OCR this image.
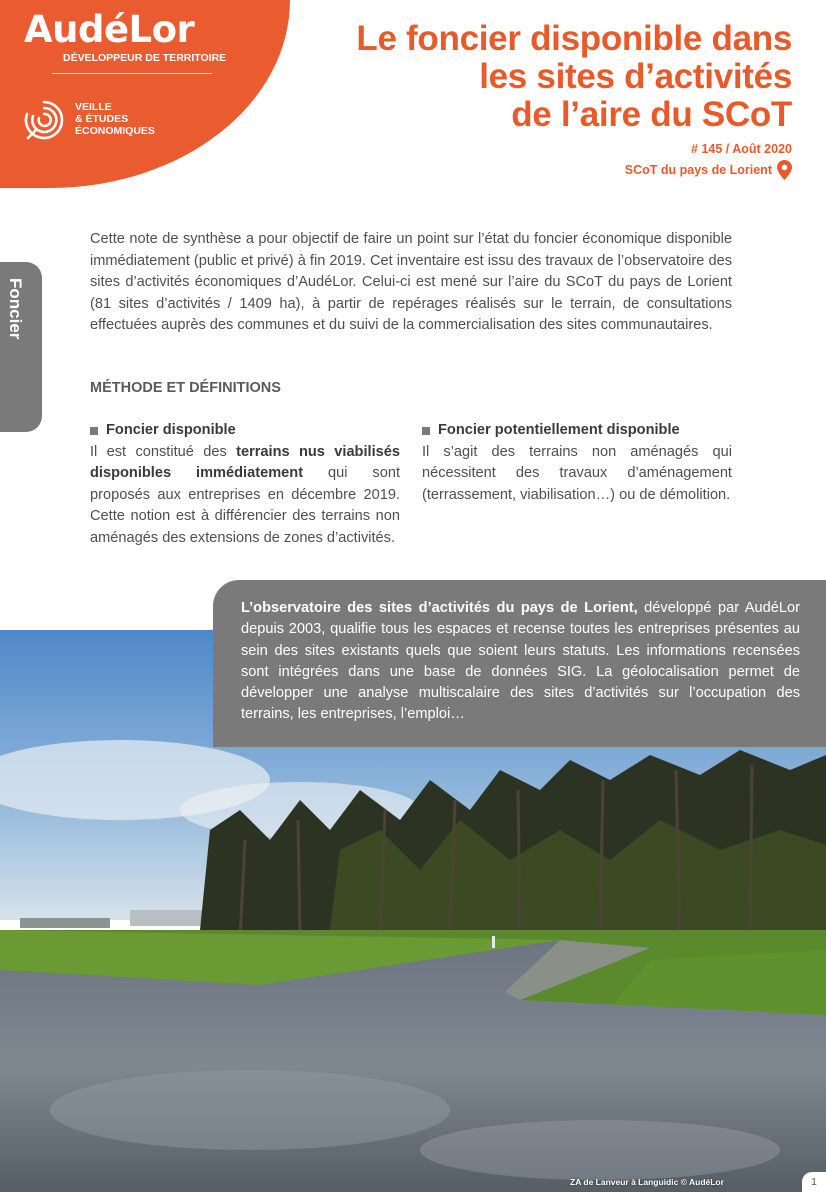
AudéLor
DÉVELOPPEUR DE TERRITOIRE
VEILLE
& ÉTUDES
ÉCONOMIQUES
Le foncier disponible dans
les sites d’activités
de l’aire du SCoT
# 145 / Août 2020
SCoT du pays de Lorient
Foncier

Cette note de synthèse a pour objectif de faire un point sur l’état du foncier économique disponible immédiatement (public et privé) à fin 2019. Cet inventaire est issu des travaux de l’observatoire des sites d’activités économiques d’AudéLor. Celui-ci est mené sur l’aire du SCoT du pays de Lorient (81 sites d’activités / 1409 ha), à partir de repérages réalisés sur le terrain, de consultations effectuées auprès des communes et du suivi de la commercialisation des sites communautaires.

MÉTHODE ET DÉFINITIONS
Foncier disponible

Il est constitué des terrains nus viabilisés disponibles immédiatement qui sont proposés aux entreprises en décembre 2019. Cette notion est à différencier des terrains non aménagés des extensions de zones d’activités.

Foncier potentiellement disponible

Il s’agit des terrains non aménagés qui nécessitent des travaux d’aménagement (terrassement, viabilisation…) ou de démolition.

L’observatoire des sites d’activités du pays de Lorient, développé par AudéLor depuis 2003, qualifie tous les espaces et recense toutes les entreprises présentes au sein des sites existants quels que soient leurs statuts. Les informations recensées sont intégrées dans une base de données SIG. La géolocalisation permet de développer une analyse multiscalaire des sites d’activités sur l’occupation des terrains, les entreprises, l’emploi…

ZA de Lanveur à Languidic © AudéLor	1
